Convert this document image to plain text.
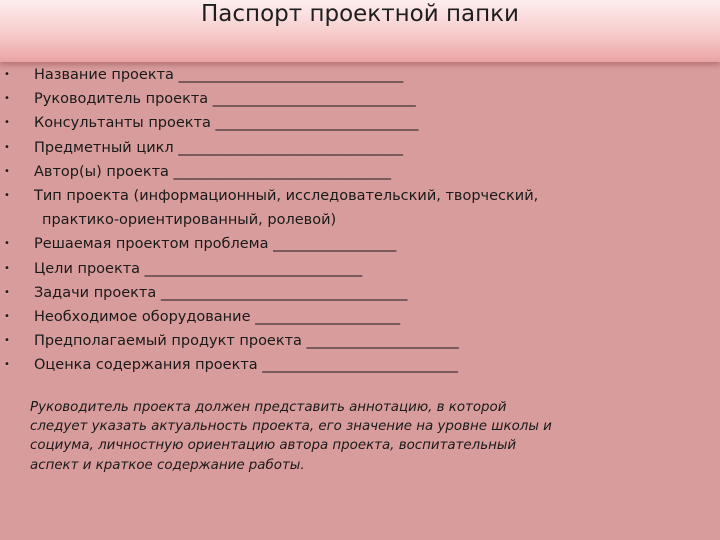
Паспорт проектной папки
• Название проекта _______________________________
• Руководитель проекта ____________________________
• Консультанты проекта ____________________________
• Предметный цикл _______________________________
• Автор(ы) проекта ______________________________
• Тип проекта (информационный, исследовательский, творческий,
практико-ориентированный, ролевой)
• Решаемая проектом проблема _________________
• Цели проекта ______________________________
• Задачи проекта __________________________________
• Необходимое оборудование ____________________
• Предполагаемый продукт проекта _____________________
• Оценка содержания проекта ___________________________
Руководитель проекта должен представить аннотацию, в которой
следует указать актуальность проекта, его значение на уровне школы и
социума, личностную ориентацию автора проекта, воспитательный
аспект и краткое содержание работы.
